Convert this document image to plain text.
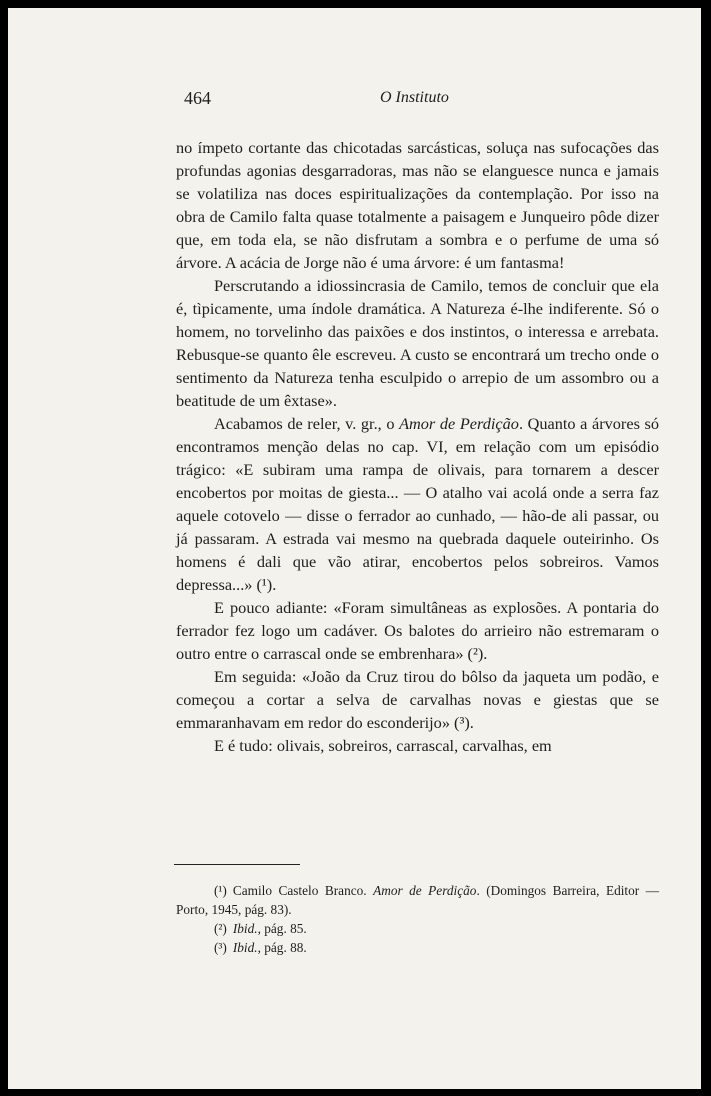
464	O Instituto

no ímpeto cortante das chicotadas sarcásticas, soluça nas sufocações das profundas agonias desgarradoras, mas não se elanguesce nunca e jamais se volatiliza nas doces espiritualizações da contemplação. Por isso na obra de Camilo falta quase totalmente a paisagem e Junqueiro pôde dizer que, em toda ela, se não disfrutam a sombra e o perfume de uma só árvore. A acácia de Jorge não é uma árvore: é um fantasma!

Perscrutando a idiossincrasia de Camilo, temos de concluir que ela é, tìpicamente, uma índole dramática. A Natureza é-lhe indiferente. Só o homem, no torvelinho das paixões e dos instintos, o interessa e arrebata. Rebusque-se quanto êle escreveu. A custo se encontrará um trecho onde o sentimento da Natureza tenha esculpido o arrepio de um assombro ou a beatitude de um êxtase».

Acabamos de reler, v. gr., o Amor de Perdição. Quanto a árvores só encontramos menção delas no cap. VI, em relação com um episódio trágico: «E subiram uma rampa de olivais, para tornarem a descer encobertos por moitas de giesta... — O atalho vai acolá onde a serra faz aquele cotovelo — disse o ferrador ao cunhado, — hão-de ali passar, ou já passaram. A estrada vai mesmo na quebrada daquele outeirinho. Os homens é dali que vão atirar, encobertos pelos sobreiros. Vamos depressa...» (¹).

E pouco adiante: «Foram simultâneas as explosões. A pontaria do ferrador fez logo um cadáver. Os balotes do arrieiro não estremaram o outro entre o carrascal onde se embrenhara» (²).

Em seguida: «João da Cruz tirou do bôlso da jaqueta um podão, e começou a cortar a selva de carvalhas novas e giestas que se emmaranhavam em redor do esconderijo» (³).

E é tudo: olivais, sobreiros, carrascal, carvalhas, em

(¹) Camilo Castelo Branco. Amor de Perdição. (Domingos Barreira, Editor — Porto, 1945, pág. 83).

(²) Ibid., pág. 85.

(³) Ibid., pág. 88.
